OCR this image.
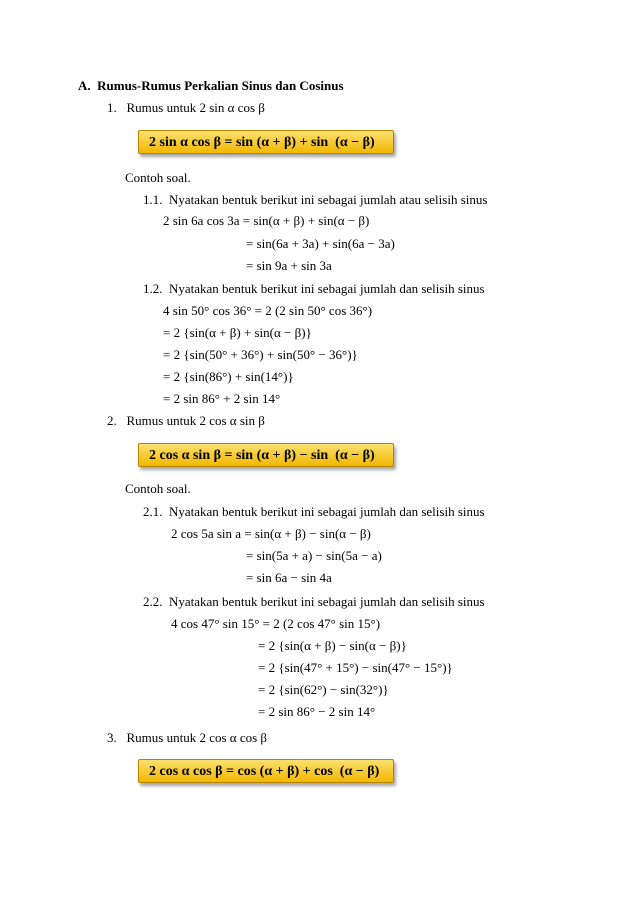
A.  Rumus-Rumus Perkalian Sinus dan Cosinus
1.   Rumus untuk 2 sin α cos β
2 sin α cos β = sin (α + β) + sin  (α − β)
Contoh soal.
1.1.  Nyatakan bentuk berikut ini sebagai jumlah atau selisih sinus
2 sin 6a cos 3a = sin(α + β) + sin(α − β)
= sin(6a + 3a) + sin(6a − 3a)
= sin 9a + sin 3a
1.2.  Nyatakan bentuk berikut ini sebagai jumlah dan selisih sinus
4 sin 50° cos 36° = 2 (2 sin 50° cos 36°)
= 2 {sin(α + β) + sin(α − β)}
= 2 {sin(50° + 36°) + sin(50° − 36°)}
= 2 {sin(86°) + sin(14°)}
= 2 sin 86° + 2 sin 14°
2.   Rumus untuk 2 cos α sin β
2 cos α sin β = sin (α + β) − sin  (α − β)
Contoh soal.
2.1.  Nyatakan bentuk berikut ini sebagai jumlah dan selisih sinus
2 cos 5a sin a = sin(α + β) − sin(α − β)
= sin(5a + a) − sin(5a − a)
= sin 6a − sin 4a
2.2.  Nyatakan bentuk berikut ini sebagai jumlah dan selisih sinus
4 cos 47° sin 15° = 2 (2 cos 47° sin 15°)
= 2 {sin(α + β) − sin(α − β)}
= 2 {sin(47° + 15°) − sin(47° − 15°)}
= 2 {sin(62°) − sin(32°)}
= 2 sin 86° − 2 sin 14°
3.   Rumus untuk 2 cos α cos β
2 cos α cos β = cos (α + β) + cos  (α − β)
